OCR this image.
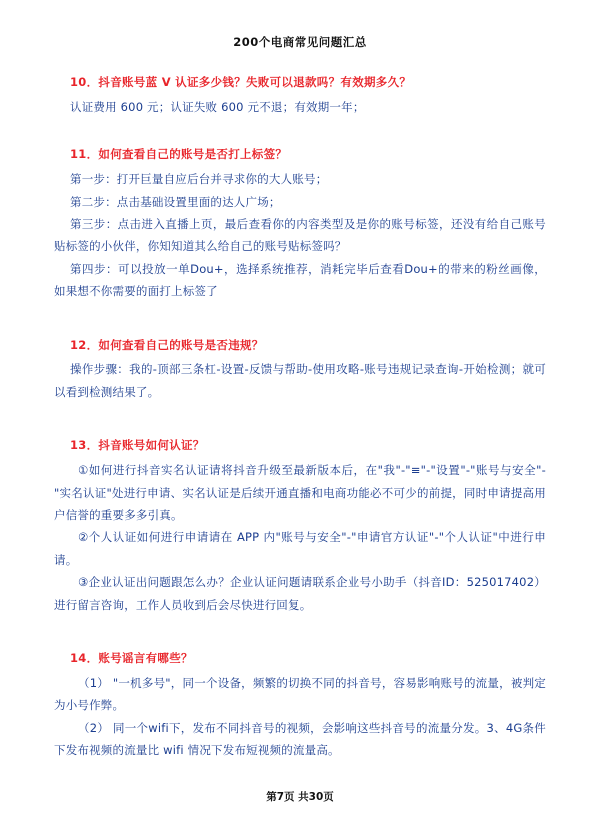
200个电商常见问题汇总
10．抖音账号蓝 V 认证多少钱？失败可以退款吗？有效期多久？
认证费用 600 元；认证失败 600 元不退；有效期一年；
11．如何查看自己的账号是否打上标签？
第一步：打开巨量自应后台并寻求你的大人账号；
第二步：点击基础设置里面的达人广场；
第三步：点击进入直播上页，最后查看你的内容类型及是你的账号标签，还没有给自己账号贴标签的小伙伴，你知知道其么给自己的账号贴标签吗？
第四步：可以投放一单Dou+，选择系统推荐，消耗完毕后查看Dou+的带来的粉丝画像，如果想不你需要的面打上标签了
12．如何查看自己的账号是否违规？
操作步骤：我的-顶部三条杠-设置-反馈与帮助-使用攻略-账号违规记录查询-开始检测；就可以看到检测结果了。
13．抖音账号如何认证？
①如何进行抖音实名认证请将抖音升级至最新版本后，在"我"-"≡"-"设置"-"账号与安全"-"实名认证"处进行申请、实名认证是后续开通直播和电商功能必不可少的前提，同时申请提高用户信誉的重要多多引真。
②个人认证如何进行申请请在 APP 内"账号与安全"-"申请官方认证"-"个人认证"中进行申请。
③企业认证出问题跟怎么办？企业认证问题请联系企业号小助手（抖音ID：525017402）进行留言咨询，工作人员收到后会尽快进行回复。
14．账号谣言有哪些？
（1） "一机多号"，同一个设备，频繁的切换不同的抖音号，容易影响账号的流量，被判定为小号作弊。
（2） 同一个wifi下，发布不同抖音号的视频，会影响这些抖音号的流量分发。3、4G条件下发布视频的流量比 wifi 情况下发布短视频的流量高。
第7页 共30页
